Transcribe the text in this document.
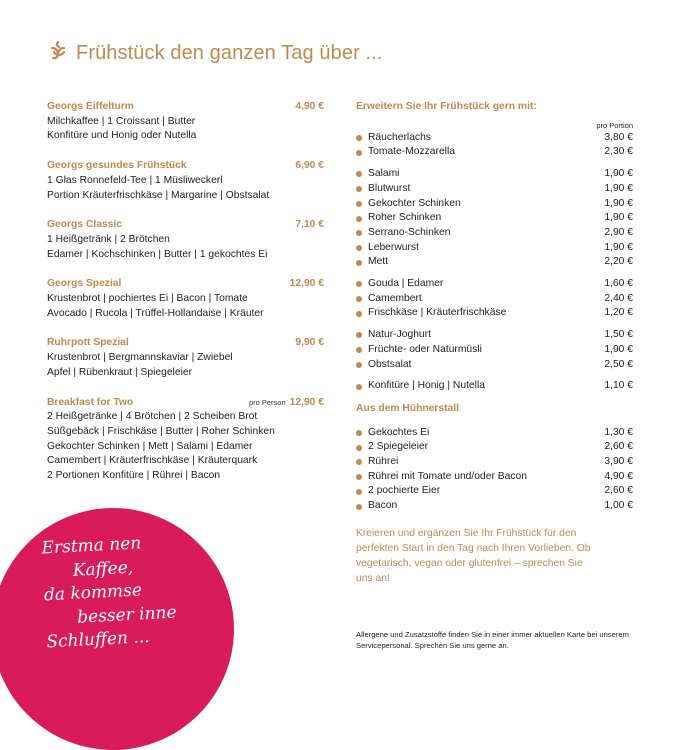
Frühstück den ganzen Tag über ...
Georgs Eiffelturm	4,90 €
Milchkaffee | 1 Croissant | Butter
Konfitüre und Honig oder Nutella
Georgs gesundes Frühstück	6,90 €
1 Glas Ronnefeld-Tee | 1 Müsliweckerl
Portion Kräuterfrischkäse | Margarine | Obstsalat
Georgs Classic	7,10 €
1 Heißgetränk | 2 Brötchen
Edamer | Kochschinken | Butter | 1 gekochtes Ei
Georgs Spezial	12,90 €
Krustenbrot | pochiertes Ei | Bacon | Tomate
Avocado | Rucola | Trüffel-Hollandaise | Kräuter
Ruhrpott Spezial	9,90 €
Krustenbrot | Bergmannskaviar | Zwiebel
Apfel | Rübenkraut | Spiegeleier
Breakfast for Two	pro Person 12,90 €
2 Heißgetränke | 4 Brötchen | 2 Scheiben Brot
Süßgebäck | Frischkäse | Butter | Roher Schinken
Gekochter Schinken | Mett | Salami | Edamer
Camembert | Kräuterfrischkäse | Kräuterquark
2 Portionen Konfitüre | Rührei | Bacon
Erweitern Sie Ihr Frühstück gern mit:
pro Portion
Räucherlachs	3,80 €
Tomate-Mozzarella	2,30 €
Salami	1,90 €
Blutwurst	1,90 €
Gekochter Schinken	1,90 €
Roher Schinken	1,90 €
Serrano-Schinken	2,90 €
Leberwurst	1,90 €
Mett	2,20 €
Gouda | Edamer	1,60 €
Camembert	2,40 €
Frischkäse | Kräuterfrischkäse	1,20 €
Natur-Joghurt	1,50 €
Früchte- oder Naturmüsli	1,90 €
Obstsalat	2,50 €
Konfitüre | Honig | Nutella	1,10 €
Aus dem Hühnerstall
Gekochtes Ei	1,30 €
2 Spiegeleier	2,60 €
Rührei	3,90 €
Rührei mit Tomate und/oder Bacon	4,90 €
2 pochierte Eier	2,60 €
Bacon	1,00 €
Kreieren und ergänzen Sie Ihr Frühstück für den perfekten Start in den Tag nach Ihren Vorlieben. Ob vegetarisch, vegan oder glutenfrei – sprechen Sie uns an!
Allergene und Zusatzstoffe finden Sie in einer immer aktuellen Karte bei unserem Servicepersonal. Sprechen Sie uns gerne an.
Erstma nen
Kaffee,
da kommse
besser inne
Schluffen ...
